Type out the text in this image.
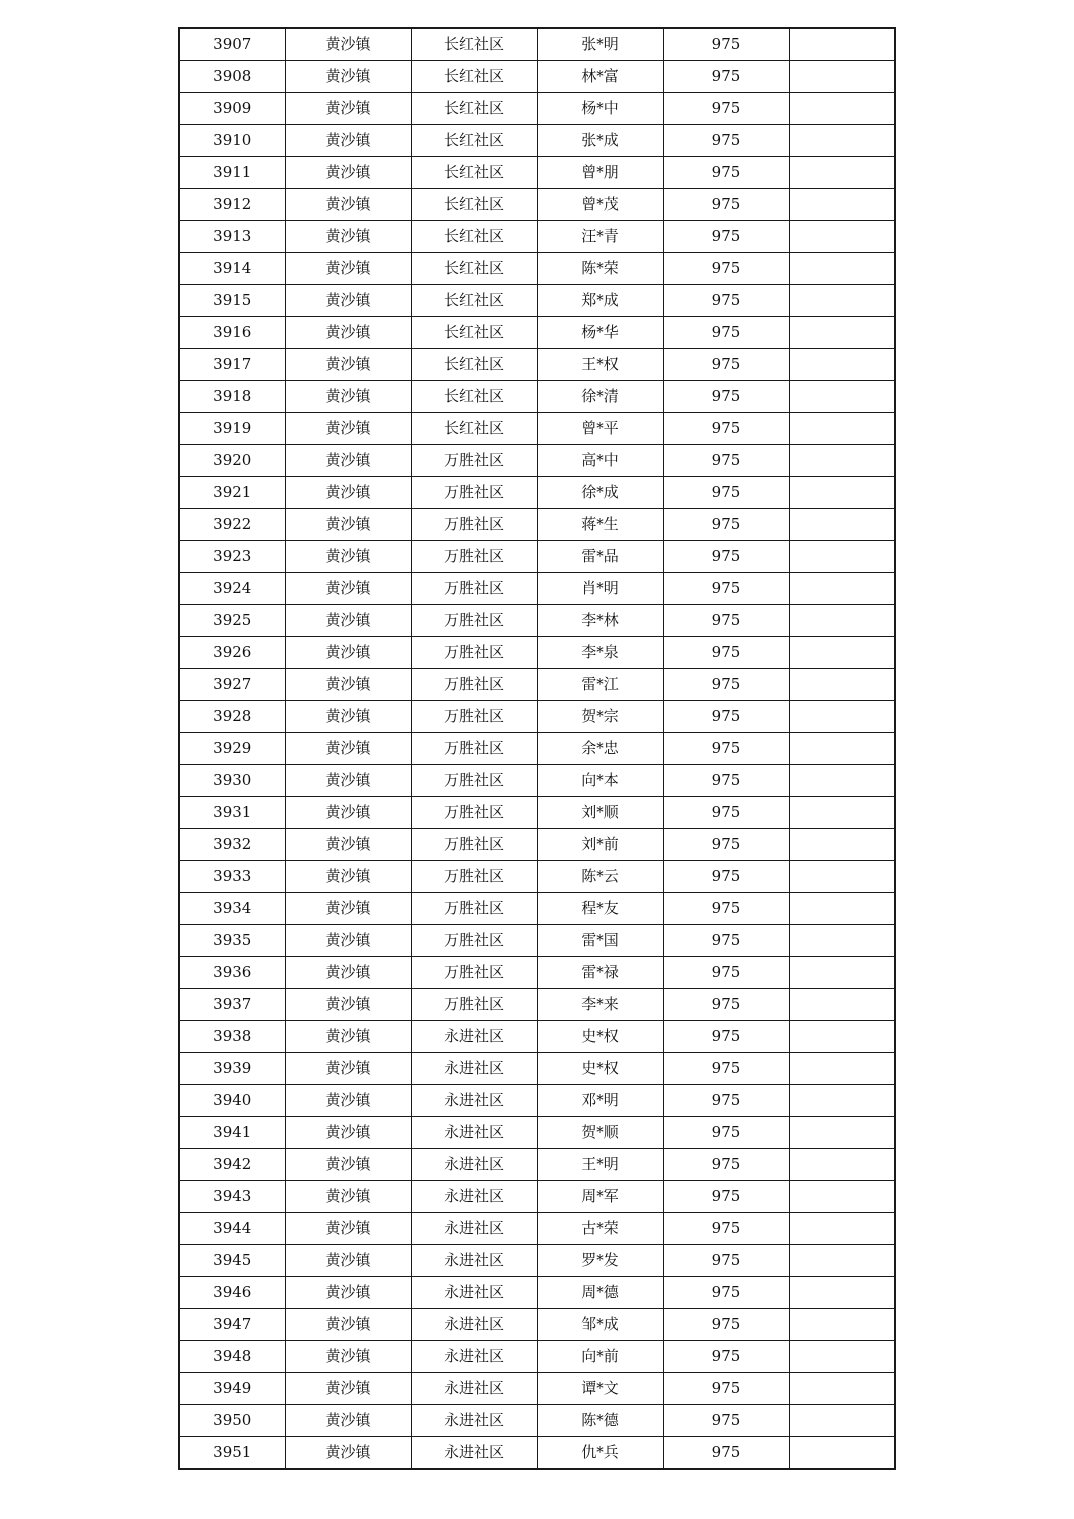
3907	黄沙镇	长红社区	张*明	975	
3908	黄沙镇	长红社区	林*富	975	
3909	黄沙镇	长红社区	杨*中	975	
3910	黄沙镇	长红社区	张*成	975	
3911	黄沙镇	长红社区	曾*朋	975	
3912	黄沙镇	长红社区	曾*茂	975	
3913	黄沙镇	长红社区	汪*青	975	
3914	黄沙镇	长红社区	陈*荣	975	
3915	黄沙镇	长红社区	郑*成	975	
3916	黄沙镇	长红社区	杨*华	975	
3917	黄沙镇	长红社区	王*权	975	
3918	黄沙镇	长红社区	徐*清	975	
3919	黄沙镇	长红社区	曾*平	975	
3920	黄沙镇	万胜社区	高*中	975	
3921	黄沙镇	万胜社区	徐*成	975	
3922	黄沙镇	万胜社区	蒋*生	975	
3923	黄沙镇	万胜社区	雷*品	975	
3924	黄沙镇	万胜社区	肖*明	975	
3925	黄沙镇	万胜社区	李*林	975	
3926	黄沙镇	万胜社区	李*泉	975	
3927	黄沙镇	万胜社区	雷*江	975	
3928	黄沙镇	万胜社区	贺*宗	975	
3929	黄沙镇	万胜社区	余*忠	975	
3930	黄沙镇	万胜社区	向*本	975	
3931	黄沙镇	万胜社区	刘*顺	975	
3932	黄沙镇	万胜社区	刘*前	975	
3933	黄沙镇	万胜社区	陈*云	975	
3934	黄沙镇	万胜社区	程*友	975	
3935	黄沙镇	万胜社区	雷*国	975	
3936	黄沙镇	万胜社区	雷*禄	975	
3937	黄沙镇	万胜社区	李*来	975	
3938	黄沙镇	永进社区	史*权	975	
3939	黄沙镇	永进社区	史*权	975	
3940	黄沙镇	永进社区	邓*明	975	
3941	黄沙镇	永进社区	贺*顺	975	
3942	黄沙镇	永进社区	王*明	975	
3943	黄沙镇	永进社区	周*军	975	
3944	黄沙镇	永进社区	古*荣	975	
3945	黄沙镇	永进社区	罗*发	975	
3946	黄沙镇	永进社区	周*德	975	
3947	黄沙镇	永进社区	邹*成	975	
3948	黄沙镇	永进社区	向*前	975	
3949	黄沙镇	永进社区	谭*文	975	
3950	黄沙镇	永进社区	陈*德	975	
3951	黄沙镇	永进社区	仇*兵	975	
